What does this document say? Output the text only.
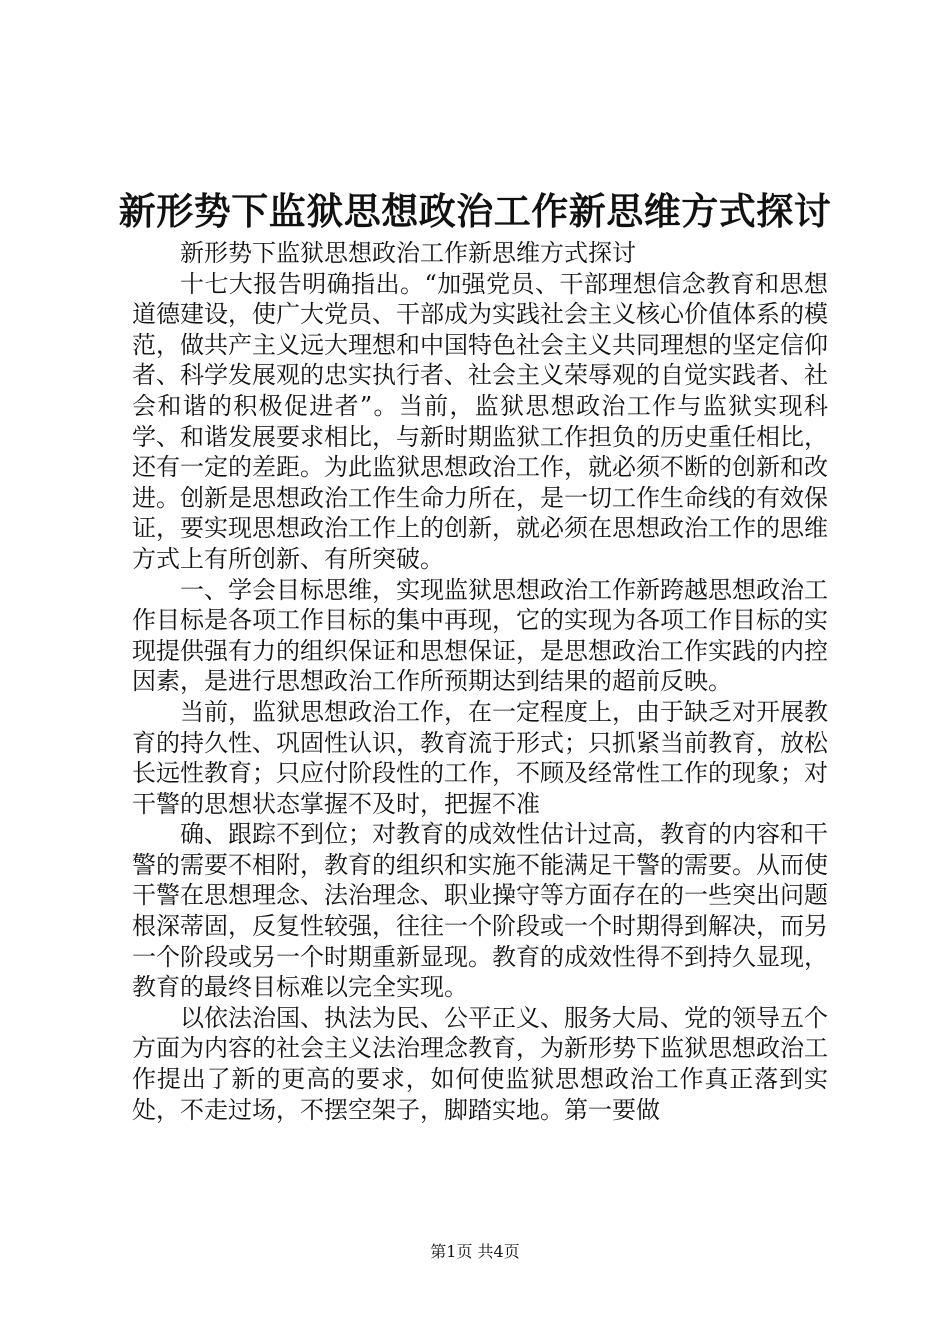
新形势下监狱思想政治工作新思维方式探讨

新形势下监狱思想政治工作新思维方式探讨

十七大报告明确指出。“加强党员、干部理想信念教育和思想道德建设，使广大党员、干部成为实践社会主义核心价值体系的模范，做共产主义远大理想和中国特色社会主义共同理想的坚定信仰者、科学发展观的忠实执行者、社会主义荣辱观的自觉实践者、社会和谐的积极促进者”。当前，监狱思想政治工作与监狱实现科学、和谐发展要求相比，与新时期监狱工作担负的历史重任相比，还有一定的差距。为此监狱思想政治工作，就必须不断的创新和改进。创新是思想政治工作生命力所在，是一切工作生命线的有效保证，要实现思想政治工作上的创新，就必须在思想政治工作的思维方式上有所创新、有所突破。

一、学会目标思维，实现监狱思想政治工作新跨越思想政治工作目标是各项工作目标的集中再现，它的实现为各项工作目标的实现提供强有力的组织保证和思想保证，是思想政治工作实践的内控因素，是进行思想政治工作所预期达到结果的超前反映。

当前，监狱思想政治工作，在一定程度上，由于缺乏对开展教育的持久性、巩固性认识，教育流于形式；只抓紧当前教育，放松长远性教育；只应付阶段性的工作，不顾及经常性工作的现象；对干警的思想状态掌握不及时，把握不准

确、跟踪不到位；对教育的成效性估计过高，教育的内容和干警的需要不相附，教育的组织和实施不能满足干警的需要。从而使干警在思想理念、法治理念、职业操守等方面存在的一些突出问题根深蒂固，反复性较强，往往一个阶段或一个时期得到解决，而另一个阶段或另一个时期重新显现。教育的成效性得不到持久显现，教育的最终目标难以完全实现。

以依法治国、执法为民、公平正义、服务大局、党的领导五个方面为内容的社会主义法治理念教育，为新形势下监狱思想政治工作提出了新的更高的要求，如何使监狱思想政治工作真正落到实处，不走过场，不摆空架子，脚踏实地。第一要做

第1页 共4页
